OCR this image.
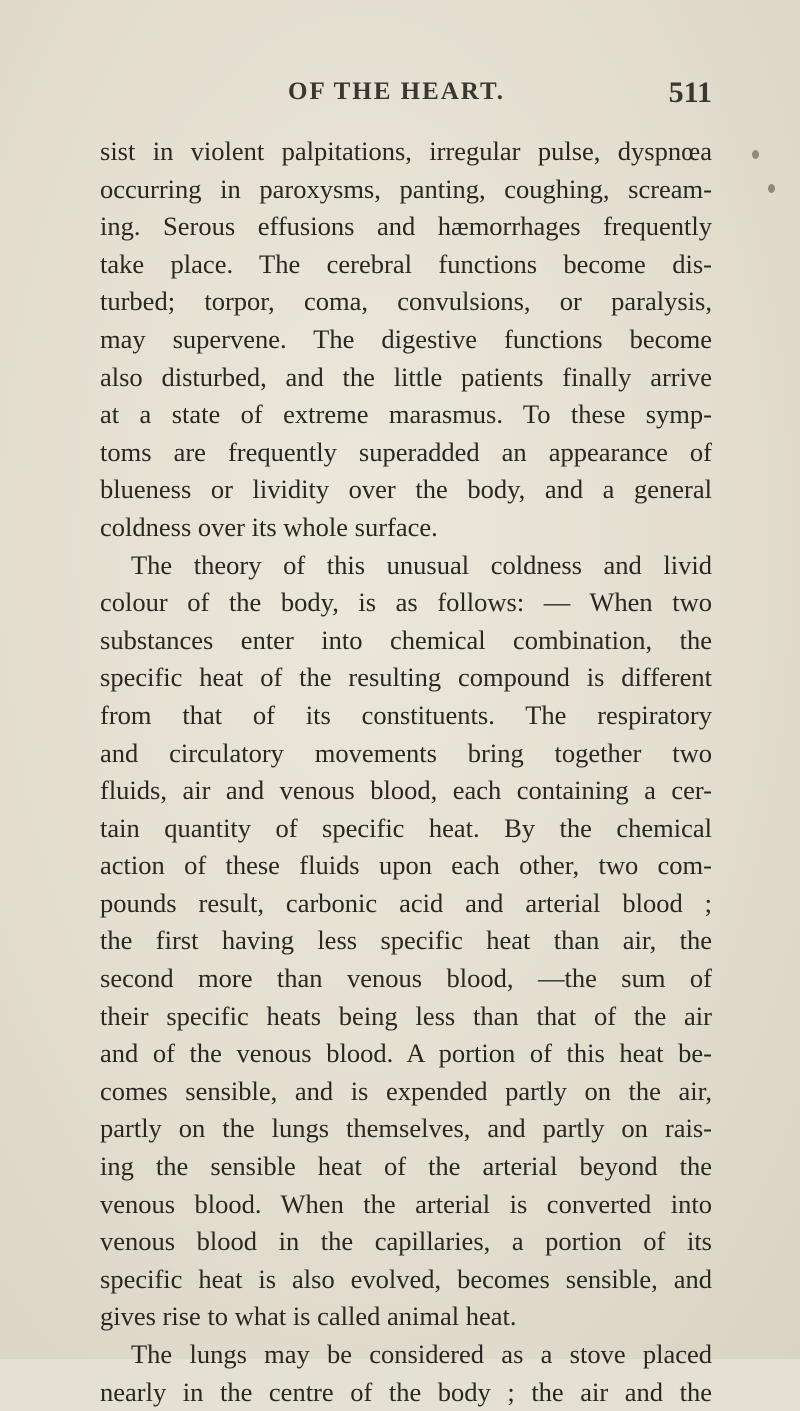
OF THE HEART.	511
sist in violent palpitations, irregular pulse, dyspnœa
occurring in paroxysms, panting, coughing, scream-
ing. Serous effusions and hæmorrhages frequently
take place. The cerebral functions become dis-
turbed; torpor, coma, convulsions, or paralysis,
may supervene. The digestive functions become
also disturbed, and the little patients finally arrive
at a state of extreme marasmus. To these symp-
toms are frequently superadded an appearance of
blueness or lividity over the body, and a general
coldness over its whole surface.
The theory of this unusual coldness and livid
colour of the body, is as follows: — When two
substances enter into chemical combination, the
specific heat of the resulting compound is different
from that of its constituents. The respiratory
and circulatory movements bring together two
fluids, air and venous blood, each containing a cer-
tain quantity of specific heat. By the chemical
action of these fluids upon each other, two com-
pounds result, carbonic acid and arterial blood ;
the first having less specific heat than air, the
second more than venous blood, —the sum of
their specific heats being less than that of the air
and of the venous blood. A portion of this heat be-
comes sensible, and is expended partly on the air,
partly on the lungs themselves, and partly on rais-
ing the sensible heat of the arterial beyond the
venous blood. When the arterial is converted into
venous blood in the capillaries, a portion of its
specific heat is also evolved, becomes sensible, and
gives rise to what is called animal heat.
The lungs may be considered as a stove placed
nearly in the centre of the body ; the air and the
